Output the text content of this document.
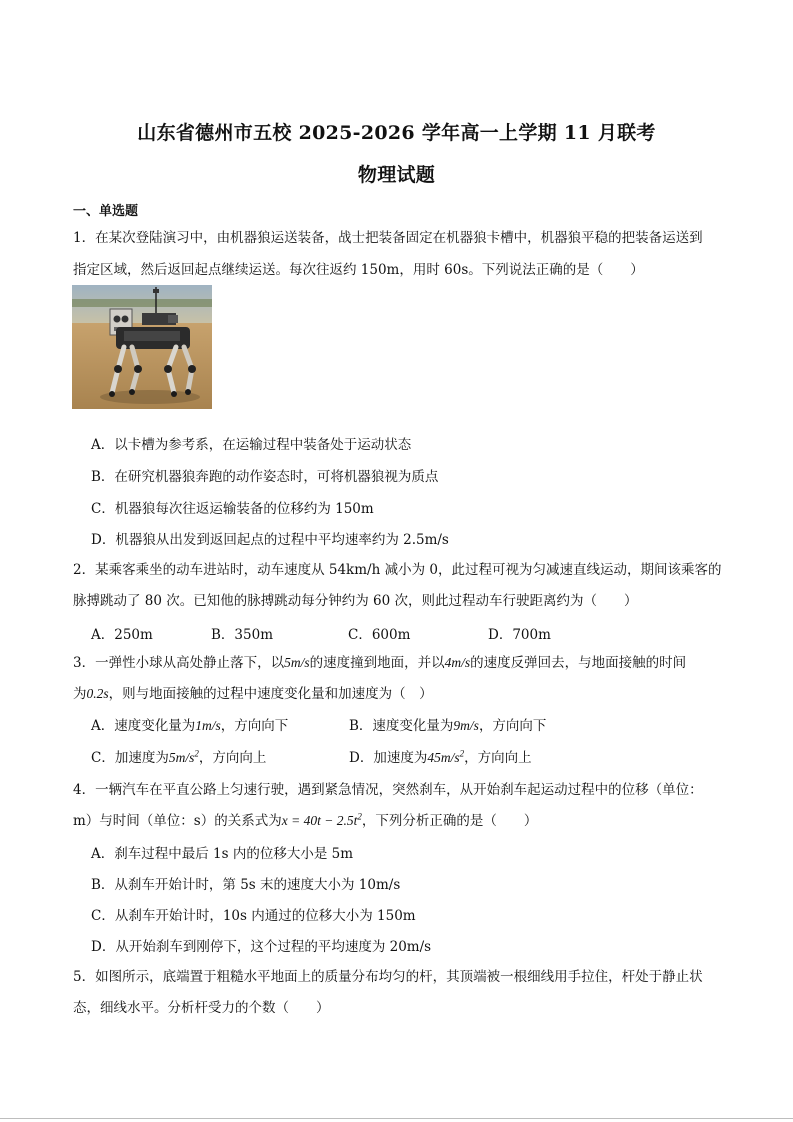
山东省德州市五校 2025-2026 学年高一上学期 11 月联考
物理试题
一、单选题
1．在某次登陆演习中，由机器狼运送装备，战士把装备固定在机器狼卡槽中，机器狼平稳的把装备运送到
指定区域，然后返回起点继续运送。每次往返约 150m，用时 60s。下列说法正确的是（　　）
A．以卡槽为参考系，在运输过程中装备处于运动状态
B．在研究机器狼奔跑的动作姿态时，可将机器狼视为质点
C．机器狼每次往返运输装备的位移约为 150m
D．机器狼从出发到返回起点的过程中平均速率约为 2.5m/s
2．某乘客乘坐的动车进站时，动车速度从 54km/h 减小为 0，此过程可视为匀减速直线运动，期间该乘客的
脉搏跳动了 80 次。已知他的脉搏跳动每分钟约为 60 次，则此过程动车行驶距离约为（　　）
A．250m	B．350m	C．600m	D．700m
3．一弹性小球从高处静止落下，以5m/s的速度撞到地面，并以4m/s的速度反弹回去，与地面接触的时间
为0.2s，则与地面接触的过程中速度变化量和加速度为（　）
A．速度变化量为1m/s，方向向下	B．速度变化量为9m/s，方向向下
C．加速度为$5m/s^2$，方向向上	D．加速度为$45m/s^2$，方向向上
4．一辆汽车在平直公路上匀速行驶，遇到紧急情况，突然刹车，从开始刹车起运动过程中的位移（单位：
m）与时间（单位：s）的关系式为$x = 40t - 2.5t^2$，下列分析正确的是（　　）
A．刹车过程中最后 1s 内的位移大小是 5m
B．从刹车开始计时，第 5s 末的速度大小为 10m/s
C．从刹车开始计时，10s 内通过的位移大小为 150m
D．从开始刹车到刚停下，这个过程的平均速度为 20m/s
5．如图所示，底端置于粗糙水平地面上的质量分布均匀的杆，其顶端被一根细线用手拉住，杆处于静止状
态，细线水平。分析杆受力的个数（　　）
